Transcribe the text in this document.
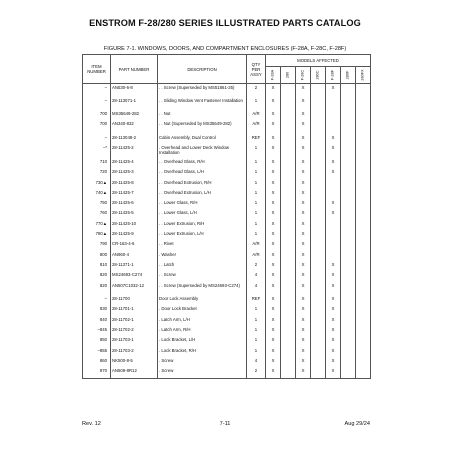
ENSTROM F-28/280 SERIES ILLUSTRATED PARTS CATALOG
FIGURE 7-1. WINDOWS, DOORS, AND COMPARTMENT ENCLOSURES (F-28A, F-28C, F-28F)
ITEM NUMBER	PART NUMBER	DESCRIPTION	QTY PER ASSY	MODELS AFFECTED						

				F-28A	280	F-28C	280C	F-28F	280F	280FX

–	AN530-6-8	. . Screw (Superseded by MS51861-25)	2	X		X		X		
–	28-113071-1	. . Sliding Window Vent Fastener Installation	1	X		X				
700	MS35649-282	. . Nut	A/R	X		X				
700	AN340-832	. . Nut (Superseded by MS35649-282)	A/R	X		X				
–	28-113048-2	Cabin Assembly, Dual Control	REF	X		X		X		
–*	28-11425-2	. Overhead and Lower Deck Window Installation	1	X		X		X		
710	28-11425-4	. . Overhead Glass, R/H	1	X		X		X		
720	28-11425-3	. . Overhead Glass, L/H	1	X		X		X		
730▲	28-11425-8	. . Overhead Extrusion, R/H	1	X		X				
740▲	28-11425-7	. . Overhead Extrusion, L/H	1	X		X				
750	28-11425-6	. . Lower Glass, R/H	1	X		X		X		
760	28-11425-5	. . Lower Glass, L/H	1	X		X		X		
770▲	28-11425-10	. . Lower Extrusion, R/H	1	X		X				
780▲	28-11425-9	. . Lower Extrusion, L/H	1	X		X				
790	CR-163-4-6	. . Rivet	A/R	X		X				
800	AN960-4	. Washer	A/R	X		X				
810	28-11371-1	. . Latch	2	X		X		X		
820	MS24693-C274	. . Screw	4	X		X		X		
820	AN507C1032-12	. . Screw (Superseded by MS24693-C274)	4	X		X		X		
–	28-11700	Door Lock Assembly	REF	X		X		X		
830	28-11701-1	. Door Lock Bracket	1	X		X		X		
840	28-11702-1	. Latch Arm, L/H	1	X		X		X		
–845	28-11702-2	. Latch Arm, R/H	1	X		X		X		
850	28-11703-1	. Lock Bracket, L/H	1	X		X		X		
–855	28-11703-2	. Lock Bracket, R/H	1	X		X		X		
860	NK500-8-5	. Screw	4	X		X		X		
870	AN509-8R12	. Screw	2	X		X		X		
Rev. 12	7-11	Aug 29/24
